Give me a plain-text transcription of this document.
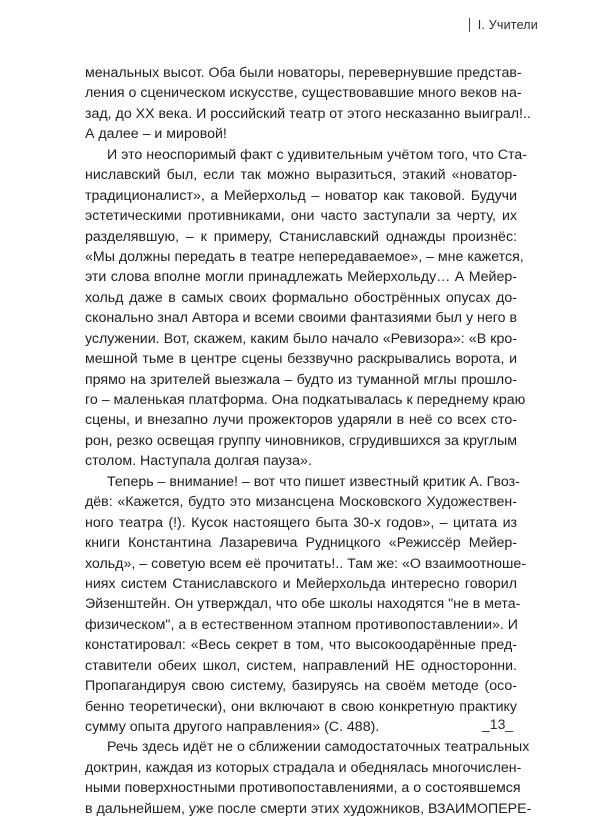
I. Учители
менальных высот. Оба были новаторы, перевернувшие представ-
ления о сценическом искусстве, существовавшие много веков на-
зад, до XX века. И российский театр от этого несказанно выиграл!..
А далее – и мировой!
И это неоспоримый факт с удивительным учётом того, что Ста-
ниславский был, если так можно выразиться, этакий «новатор-
традиционалист», а Мейерхольд – новатор как таковой. Будучи
эстетическими противниками, они часто заступали за черту, их
разделявшую, – к примеру, Станиславский однажды произнёс:
«Мы должны передать в театре непередаваемое», – мне кажется,
эти слова вполне могли принадлежать Мейерхольду… А Мейер-
хольд даже в самых своих формально обострённых опусах до-
сконально знал Автора и всеми своими фантазиями был у него в
услужении. Вот, скажем, каким было начало «Ревизора»: «В кро-
мешной тьме в центре сцены беззвучно раскрывались ворота, и
прямо на зрителей выезжала – будто из туманной мглы прошло-
го – маленькая платформа. Она подкатывалась к переднему краю
сцены, и внезапно лучи прожекторов ударяли в неё со всех сто-
рон, резко освещая группу чиновников, сгрудившихся за круглым
столом. Наступала долгая пауза».
Теперь – внимание! – вот что пишет известный критик А. Гвоз-
дёв: «Кажется, будто это мизансцена Московского Художествен-
ного театра (!). Кусок настоящего быта 30-х годов», – цитата из
книги Константина Лазаревича Рудницкого «Режиссёр Мейер-
хольд», – советую всем её прочитать!.. Там же: «О взаимоотноше-
ниях систем Станиславского и Мейерхольда интересно говорил
Эйзенштейн. Он утверждал, что обе школы находятся "не в мета-
физическом", а в естественном этапном противопоставлении». И
констатировал: «Весь секрет в том, что высокоодарённые пред-
ставители обеих школ, систем, направлений НЕ односторонни.
Пропагандируя свою систему, базируясь на своём методе (осо-
бенно теоретически), они включают в свою конкретную практику
сумму опыта другого направления» (С. 488).
Речь здесь идёт не о сближении самодостаточных театральных
доктрин, каждая из которых страдала и обеднялась многочислен-
ными поверхностными противопоставлениями, а о состоявшемся
в дальнейшем, уже после смерти этих художников, ВЗАИМОПЕРЕ-
_13_
